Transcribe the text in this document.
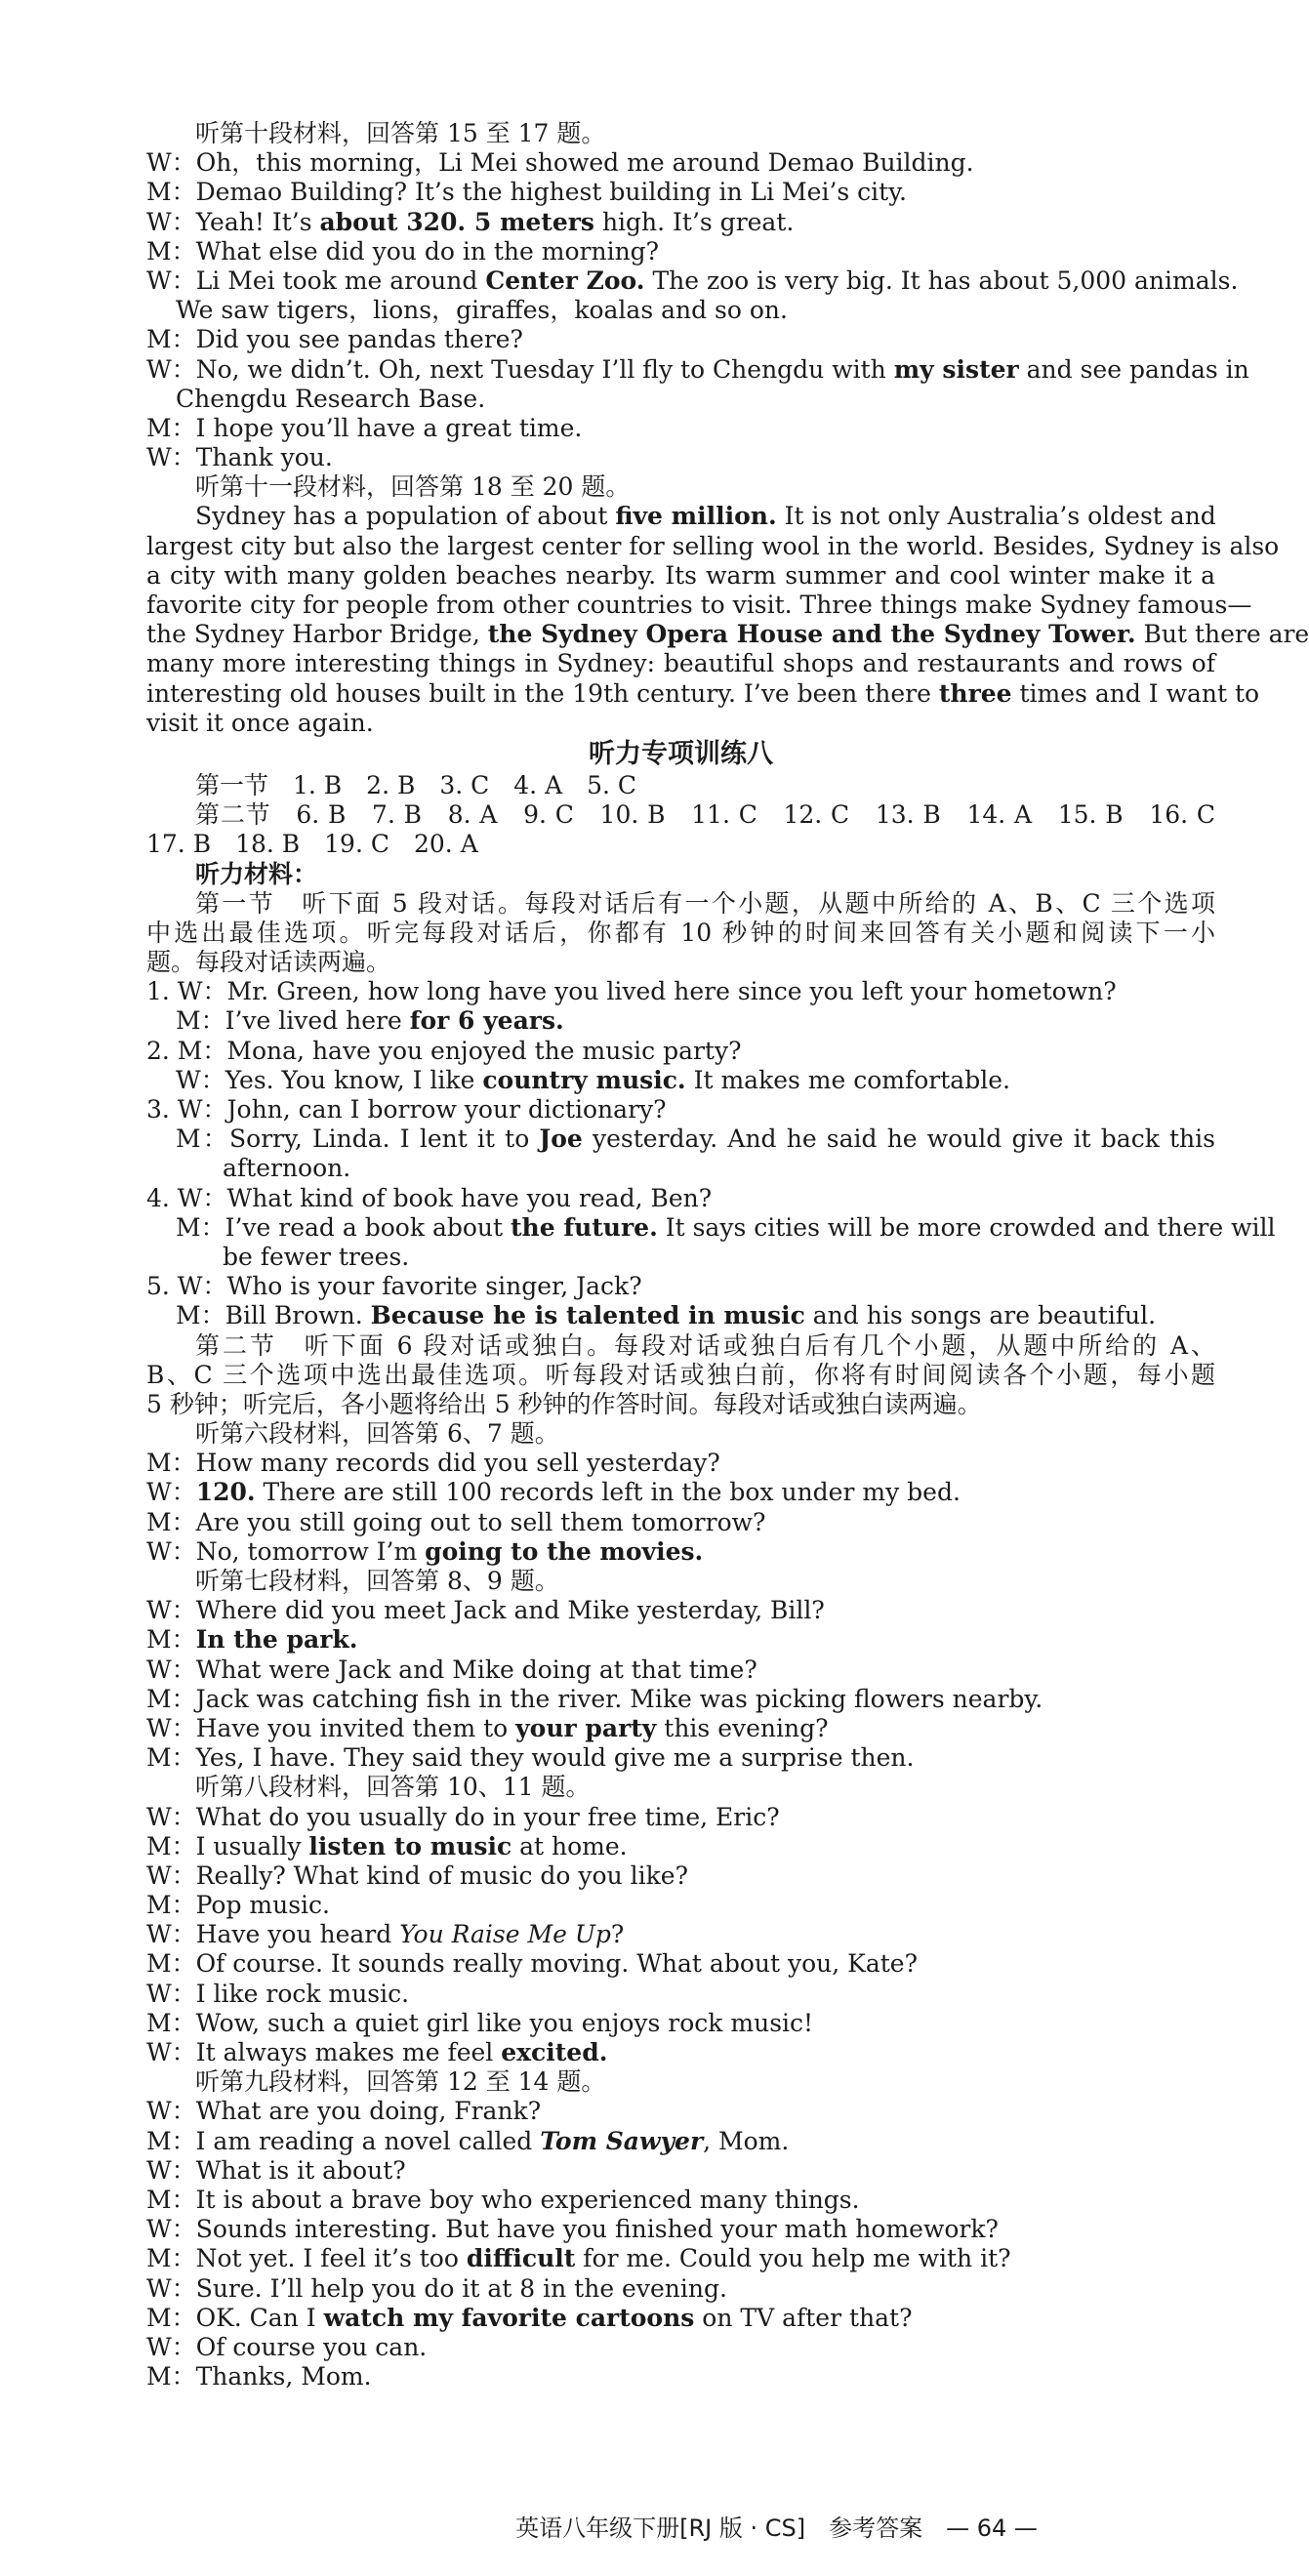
听第十段材料，回答第 15 至 17 题。
W：Oh，this morning，Li Mei showed me around Demao Building.
M：Demao Building? It’s the highest building in Li Mei’s city.
W：Yeah! It’s about 320. 5 meters high. It’s great.
M：What else did you do in the morning?
W：Li Mei took me around Center Zoo. The zoo is very big. It has about 5,000 animals.
We saw tigers，lions，giraffes，koalas and so on.
M：Did you see pandas there?
W：No, we didn’t. Oh, next Tuesday I’ll fly to Chengdu with my sister and see pandas in
Chengdu Research Base.
M：I hope you’ll have a great time.
W：Thank you.
听第十一段材料，回答第 18 至 20 题。
Sydney has a population of about five million. It is not only Australia’s oldest and
largest city but also the largest center for selling wool in the world. Besides, Sydney is also
a city with many golden beaches nearby. Its warm summer and cool winter make it a
favorite city for people from other countries to visit. Three things make Sydney famous—
the Sydney Harbor Bridge, the Sydney Opera House and the Sydney Tower. But there are
many more interesting things in Sydney: beautiful shops and restaurants and rows of
interesting old houses built in the 19th century. I’ve been there three times and I want to
visit it once again.
听力专项训练八
第一节　1. B　2. B　3. C　4. A　5. C
第二节　6. B　7. B　8. A　9. C　10. B　11. C　12. C　13. B　14. A　15. B　16. C
17. B　18. B　19. C　20. A
听力材料：
第一节　听下面 5 段对话。每段对话后有一个小题，从题中所给的 A、B、C 三个选项
中选出最佳选项。听完每段对话后，你都有 10 秒钟的时间来回答有关小题和阅读下一小
题。每段对话读两遍。
1. W：Mr. Green, how long have you lived here since you left your hometown?
M：I’ve lived here for 6 years.
2. M：Mona, have you enjoyed the music party?
W：Yes. You know, I like country music. It makes me comfortable.
3. W：John, can I borrow your dictionary?
M：Sorry, Linda. I lent it to Joe yesterday. And he said he would give it back this
afternoon.
4. W：What kind of book have you read, Ben?
M：I’ve read a book about the future. It says cities will be more crowded and there will
be fewer trees.
5. W：Who is your favorite singer, Jack?
M：Bill Brown. Because he is talented in music and his songs are beautiful.
第二节　听下面 6 段对话或独白。每段对话或独白后有几个小题，从题中所给的 A、
B、C 三个选项中选出最佳选项。听每段对话或独白前，你将有时间阅读各个小题，每小题
5 秒钟；听完后，各小题将给出 5 秒钟的作答时间。每段对话或独白读两遍。
听第六段材料，回答第 6、7 题。
M：How many records did you sell yesterday?
W：120. There are still 100 records left in the box under my bed.
M：Are you still going out to sell them tomorrow?
W：No, tomorrow I’m going to the movies.
听第七段材料，回答第 8、9 题。
W：Where did you meet Jack and Mike yesterday, Bill?
M：In the park.
W：What were Jack and Mike doing at that time?
M：Jack was catching fish in the river. Mike was picking flowers nearby.
W：Have you invited them to your party this evening?
M：Yes, I have. They said they would give me a surprise then.
听第八段材料，回答第 10、11 题。
W：What do you usually do in your free time, Eric?
M：I usually listen to music at home.
W：Really? What kind of music do you like?
M：Pop music.
W：Have you heard You Raise Me Up?
M：Of course. It sounds really moving. What about you, Kate?
W：I like rock music.
M：Wow, such a quiet girl like you enjoys rock music!
W：It always makes me feel excited.
听第九段材料，回答第 12 至 14 题。
W：What are you doing, Frank?
M：I am reading a novel called Tom Sawyer, Mom.
W：What is it about?
M：It is about a brave boy who experienced many things.
W：Sounds interesting. But have you finished your math homework?
M：Not yet. I feel it’s too difficult for me. Could you help me with it?
W：Sure. I’ll help you do it at 8 in the evening.
M：OK. Can I watch my favorite cartoons on TV after that?
W：Of course you can.
M：Thanks, Mom.
英语八年级下册[RJ 版 · CS]　参考答案　— 64 —
